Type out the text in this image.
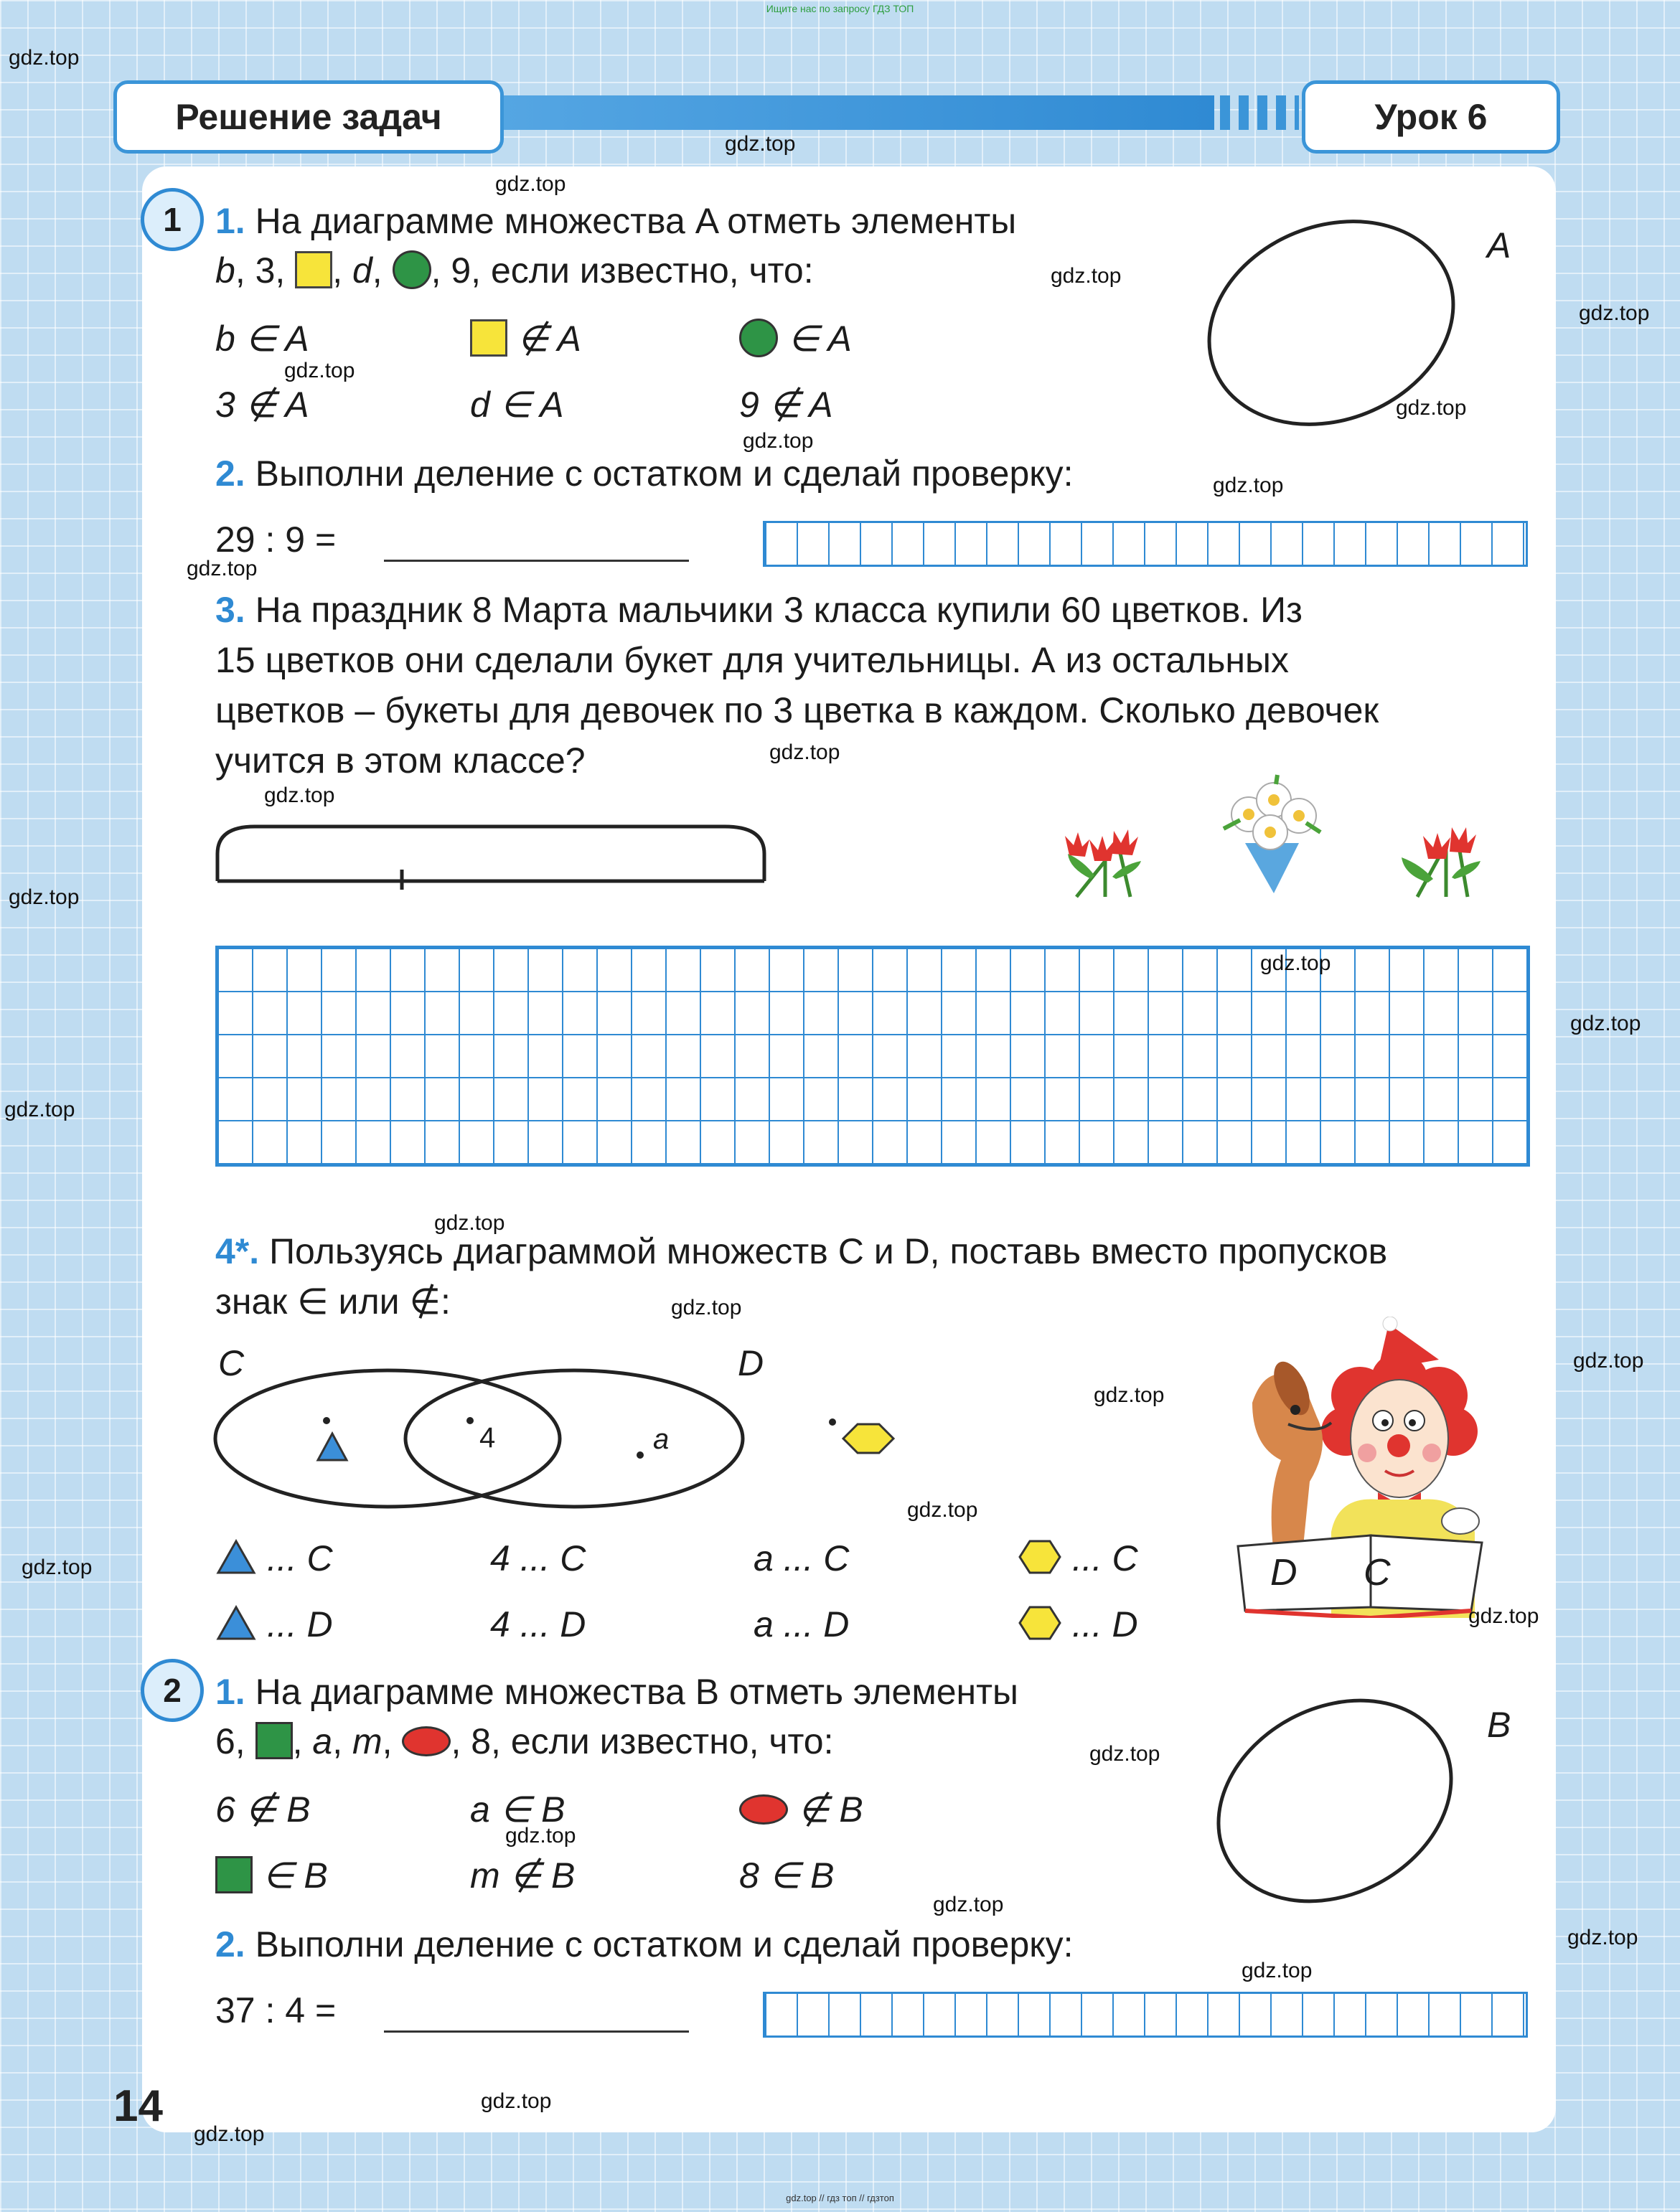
Ищите нас по запросу ГДЗ ТОП
Решение задач	Урок 6
1 1. На диаграмме множества A отметь элементы
b, 3, , d, , 9, если известно, что:
b ∈ A	∉ A	∈ A
3 ∉ A	d ∈ A	9 ∉ A
A
2. Выполни деление с остатком и сделай проверку:
29 : 9 =
3. На праздник 8 Марта мальчики 3 класса купили 60 цветков. Из
15 цветков они сделали букет для учительницы. А из остальных
цветков – букеты для девочек по 3 цветка в каждом. Сколько девочек
учится в этом классе?
4*. Пользуясь диаграммой множеств C и D, поставь вместо пропусков
знак ∈ или ∉:
C	D
4	a
... C	4 ... C	a ... C	... C
... D	4 ... D	a ... D	... D
D C
2 1. На диаграмме множества B отметь элементы
6, , a, m, , 8, если известно, что:
6 ∉ B	a ∈ B	∉ B
∈ B	m ∉ B	8 ∈ B
B
2. Выполни деление с остатком и сделай проверку:
37 : 4 =
14
gdz.top
gdz.top
gdz.top
gdz.top
gdz.top
gdz.top
gdz.top
gdz.top
gdz.top
gdz.top
gdz.top
gdz.top
gdz.top
gdz.top
gdz.top
gdz.top
gdz.top
gdz.top
gdz.top
gdz.top
gdz.top
gdz.top
gdz.top
gdz.top
gdz.top
gdz.top
gdz.top
gdz.top
gdz.top
gdz.top
gdz.top // гдз топ // гдзтоп
